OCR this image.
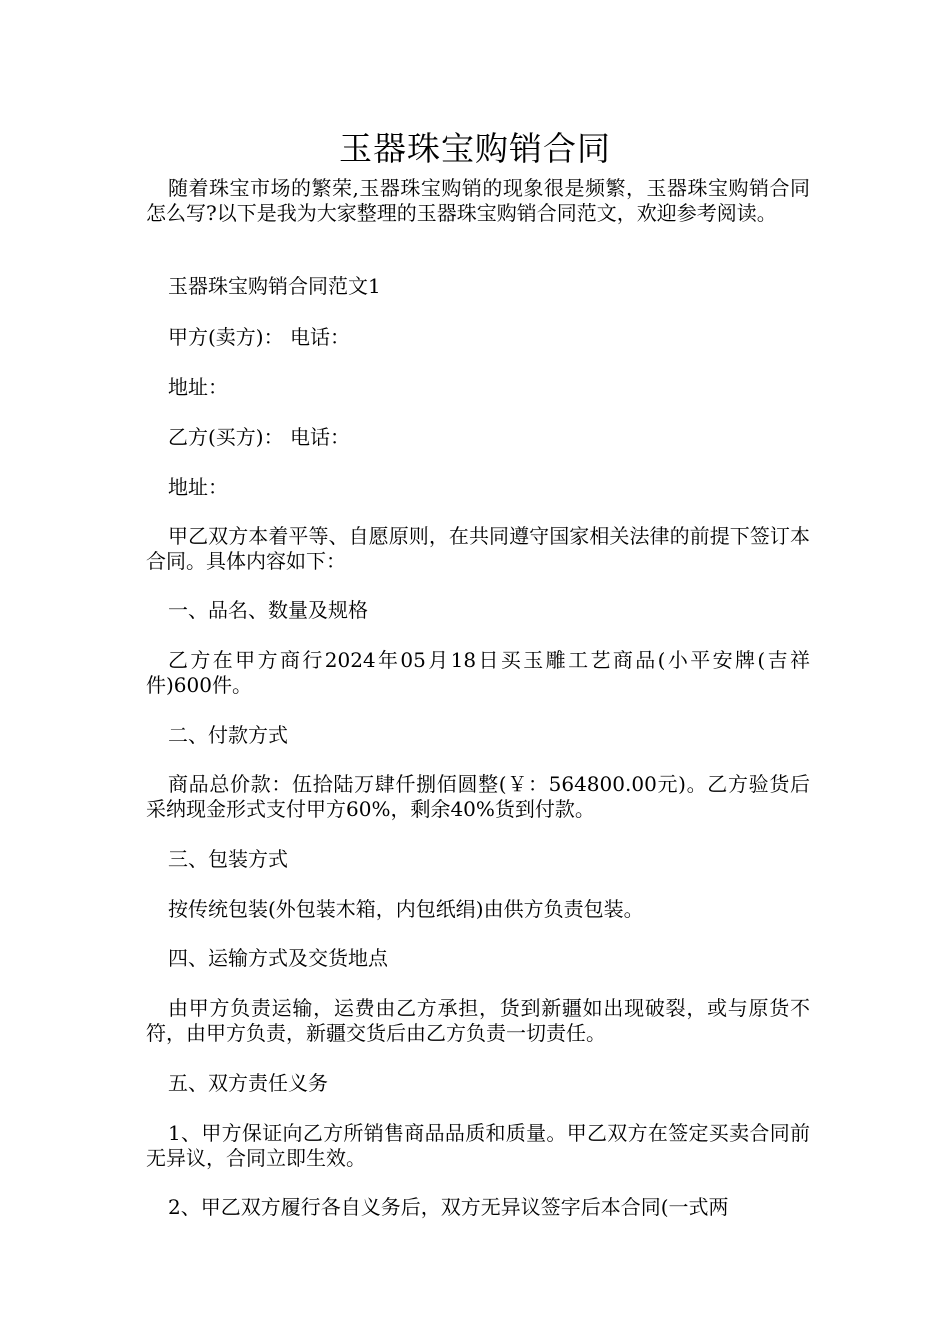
玉器珠宝购销合同
随着珠宝市场的繁荣,玉器珠宝购销的现象很是频繁，玉器珠宝购销合同怎么写?以下是我为大家整理的玉器珠宝购销合同范文，欢迎参考阅读。
玉器珠宝购销合同范文1
甲方(卖方)： 电话：
地址：
乙方(买方)： 电话：
地址：
甲乙双方本着平等、自愿原则，在共同遵守国家相关法律的前提下签订本合同。具体内容如下：
一、品名、数量及规格
乙方在甲方商行2024年05月18日买玉雕工艺商品(小平安牌(吉祥件)600件。
二、付款方式
商品总价款：伍拾陆万肆仟捌佰圆整(￥：564800.00元)。乙方验货后采纳现金形式支付甲方60%，剩余40%货到付款。
三、包装方式
按传统包装(外包装木箱，内包纸绢)由供方负责包装。
四、运输方式及交货地点
由甲方负责运输，运费由乙方承担，货到新疆如出现破裂，或与原货不符，由甲方负责，新疆交货后由乙方负责一切责任。
五、双方责任义务
1、甲方保证向乙方所销售商品品质和质量。甲乙双方在签定买卖合同前无异议，合同立即生效。
2、甲乙双方履行各自义务后，双方无异议签字后本合同(一式两
